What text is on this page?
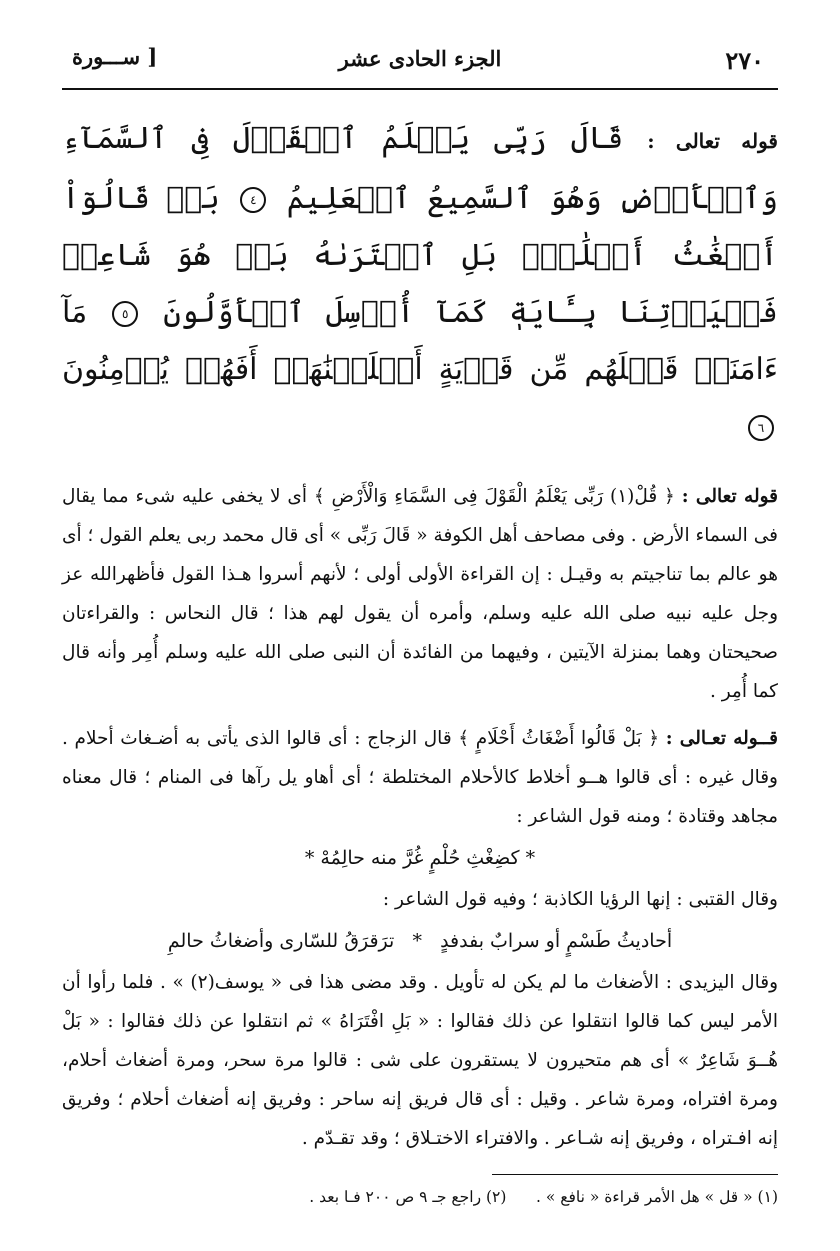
٢٧٠
الجزء الحادى عشر
[ ســـورة
قوله تعالى : قَالَ رَبِّى يَعۡلَمُ ٱلۡقَوۡلَ فِى ٱلسَّمَآءِ وَٱلۡأَرۡضِ وَهُوَ ٱلسَّمِيعُ ٱلۡعَلِيمُ ٤ بَلۡ قَالُوٓاْ أَضۡغَٰثُ أَحۡلَٰمِۭ بَلِ ٱفۡتَرَىٰهُ بَلۡ هُوَ شَاعِرٞ فَلۡيَأۡتِنَا بِـَٔايَةٖ كَمَآ أُرۡسِلَ ٱلۡأَوَّلُونَ ٥ مَآ ءَامَنَتۡ قَبۡلَهُم مِّن قَرۡيَةٍ أَهۡلَكۡنَٰهَآۖ أَفَهُمۡ يُؤۡمِنُونَ ٦

قوله تعالى : ﴿ قُلْ(١) رَبِّى يَعْلَمُ الْقَوْلَ فِى السَّمَاءِ وَالْأَرْضِ ﴾ أى لا يخفى عليه شىء مما يقال فى السماء الأرض . وفى مصاحف أهل الكوفة « قَالَ رَبِّى » أى قال محمد ربى يعلم القول ؛ أى هو عالم بما تناجيتم به وقيـل : إن القراءة الأولى أولى ؛ لأنهم أسروا هـذا القول فأظهرالله عز وجل عليه نبيه صلى الله عليه وسلم، وأمره أن يقول لهم هذا ؛ قال النحاس : والقراءتان صحيحتان وهما بمنزلة الآيتين ، وفيهما من الفائدة أن النبى صلى الله عليه وسلم أُمِر وأنه قال كما أُمِر .

قــوله تعـالى : ﴿ بَلْ قَالُوا أَضْغَاثُ أَحْلَامٍ ﴾ قال الزجاج : أى قالوا الذى يأتى به أضـغاث أحلام . وقال غيره : أى قالوا هــو أخلاط كالأحلام المختلطة ؛ أى أهاو يل رآها فى المنام ؛ قال معناه مجاهد وقتادة ؛ ومنه قول الشاعر :

* كضِغْثِ حُلْمٍ غُرَّ منه حالِمُهْ *

وقال القتبى : إنها الرؤيا الكاذبة ؛ وفيه قول الشاعر :

أحاديثُ طَسْمٍ أو سرابٌ بفدفدٍ   *   ترَقرَقُ للسّارى وأضغاثُ حالمِ

وقال اليزيدى : الأضغاث ما لم يكن له تأويل . وقد مضى هذا فى « يوسف(٢) » . فلما رأوا أن الأمر ليس كما قالوا انتقلوا عن ذلك فقالوا : « بَلِ افْتَرَاهُ » ثم انتقلوا عن ذلك فقالوا : « بَلْ هُــوَ شَاعِرٌ » أى هم متحيرون لا يستقرون على شى : قالوا مرة سحر، ومرة أضغاث أحلام، ومرة افتراه، ومرة شاعر . وقيل : أى قال فريق إنه ساحر : وفريق إنه أضغاث أحلام ؛ وفريق إنه افـتراه ، وفريق إنه شـاعر . والافتراء الاختـلاق ؛ وقد تقـدّم .

(١) « قل » هل الأمر قراءة « نافع » .      (٢) راجع جـ ٩ ص ٢٠٠ فـا بعد .
